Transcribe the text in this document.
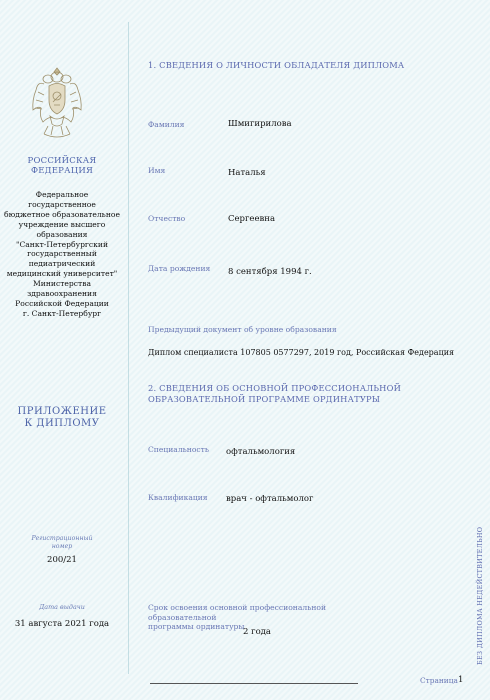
РОССИЙСКАЯ
ФЕДЕРАЦИЯ
Федеральное государственное
бюджетное образовательное
учреждение высшего образования
"Санкт-Петербургский
государственный педиатрический
медицинский университет"
Министерства здравоохранения
Российской Федерации
г. Санкт-Петербург
ПРИЛОЖЕНИЕ
К ДИПЛОМУ
Регистрационный
номер
200/21
Дата выдачи
31 августа 2021 года
1. СВЕДЕНИЯ О ЛИЧНОСТИ ОБЛАДАТЕЛЯ ДИПЛОМА
Фамилия	Шмигирилова
Имя	Наталья
Отчество	Сергеевна
Дата рождения 8 сентября 1994 г.
Предыдущий документ об уровне образования
Диплом специалиста 107805 0577297, 2019 год, Российская Федерация
2. СВЕДЕНИЯ ОБ ОСНОВНОЙ ПРОФЕССИОНАЛЬНОЙ
ОБРАЗОВАТЕЛЬНОЙ ПРОГРАММЕ ОРДИНАТУРЫ
Специальность офтальмология
Квалификация врач - офтальмолог
Срок освоения основной профессиональной образовательной
программы ординатуры
2 года
Страница 1
БЕЗ ДИПЛОМА НЕДЕЙСТВИТЕЛЬНО
